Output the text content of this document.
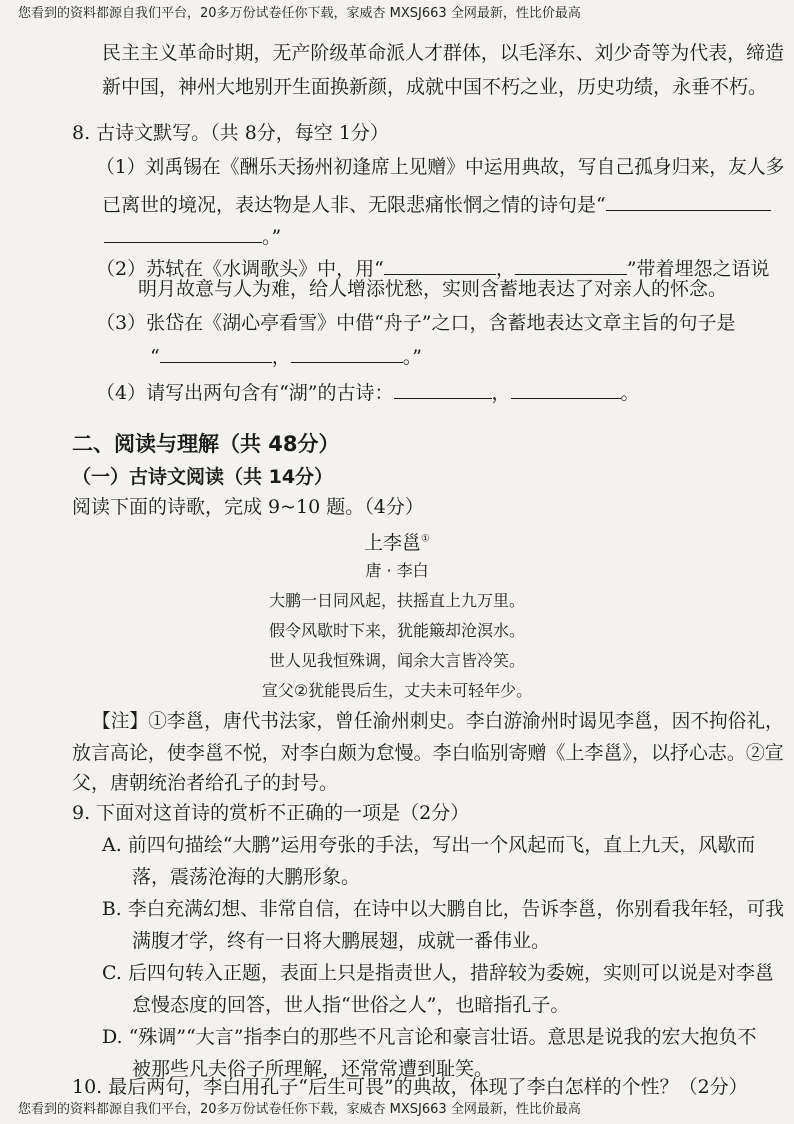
您看到的资料都源自我们平台，20多万份试卷任你下载，家威杏 MXSJ663 全网最新，性比价最高
民主主义革命时期，无产阶级革命派人才群体，以毛泽东、刘少奇等为代表，缔造
新中国，神州大地别开生面换新颜，成就中国不朽之业，历史功绩，永垂不朽。
8. 古诗文默写。（共 8分，每空 1分）
（1）刘禹锡在《酬乐天扬州初逢席上见赠》中运用典故，写自己孤身归来，友人多
已离世的境况，表达物是人非、无限悲痛怅惘之情的诗句是“
。”
（2）苏轼在《水调歌头》中，用“	，	”带着埋怨之语说
明月故意与人为难，给人增添忧愁，实则含蓄地表达了对亲人的怀念。
（3）张岱在《湖心亭看雪》中借“舟子”之口，含蓄地表达文章主旨的句子是
“	，	。”
（4）请写出两句含有“湖”的古诗：	，	。
二、阅读与理解（共 48分）
（一）古诗文阅读（共 14分）
阅读下面的诗歌，完成 9~10 题。（4分）
上李邕①
唐 · 李白
大鹏一日同风起，扶摇直上九万里。
假令风歇时下来，犹能簸却沧溟水。
世人见我恒殊调，闻余大言皆冷笑。
宣父②犹能畏后生，丈夫未可轻年少。
【注】①李邕，唐代书法家，曾任渝州刺史。李白游渝州时谒见李邕，因不拘俗礼，
放言高论，使李邕不悦，对李白颇为怠慢。李白临别寄赠《上李邕》，以抒心志。②宣
父，唐朝统治者给孔子的封号。
9. 下面对这首诗的赏析不正确的一项是（2分）
A. 前四句描绘“大鹏”运用夸张的手法，写出一个风起而飞，直上九天，风歇而
落，震荡沧海的大鹏形象。
B. 李白充满幻想、非常自信，在诗中以大鹏自比，告诉李邕，你别看我年轻，可我
满腹才学，终有一日将大鹏展翅，成就一番伟业。
C. 后四句转入正题，表面上只是指责世人，措辞较为委婉，实则可以说是对李邕
怠慢态度的回答，世人指“世俗之人”，也暗指孔子。
D. “殊调”“大言”指李白的那些不凡言论和豪言壮语。意思是说我的宏大抱负不
被那些凡夫俗子所理解，还常常遭到耻笑。
10. 最后两句，李白用孔子“后生可畏”的典故，体现了李白怎样的个性？（2分）
您看到的资料都源自我们平台，20多万份试卷任你下载，家威杏 MXSJ663 全网最新，性比价最高
